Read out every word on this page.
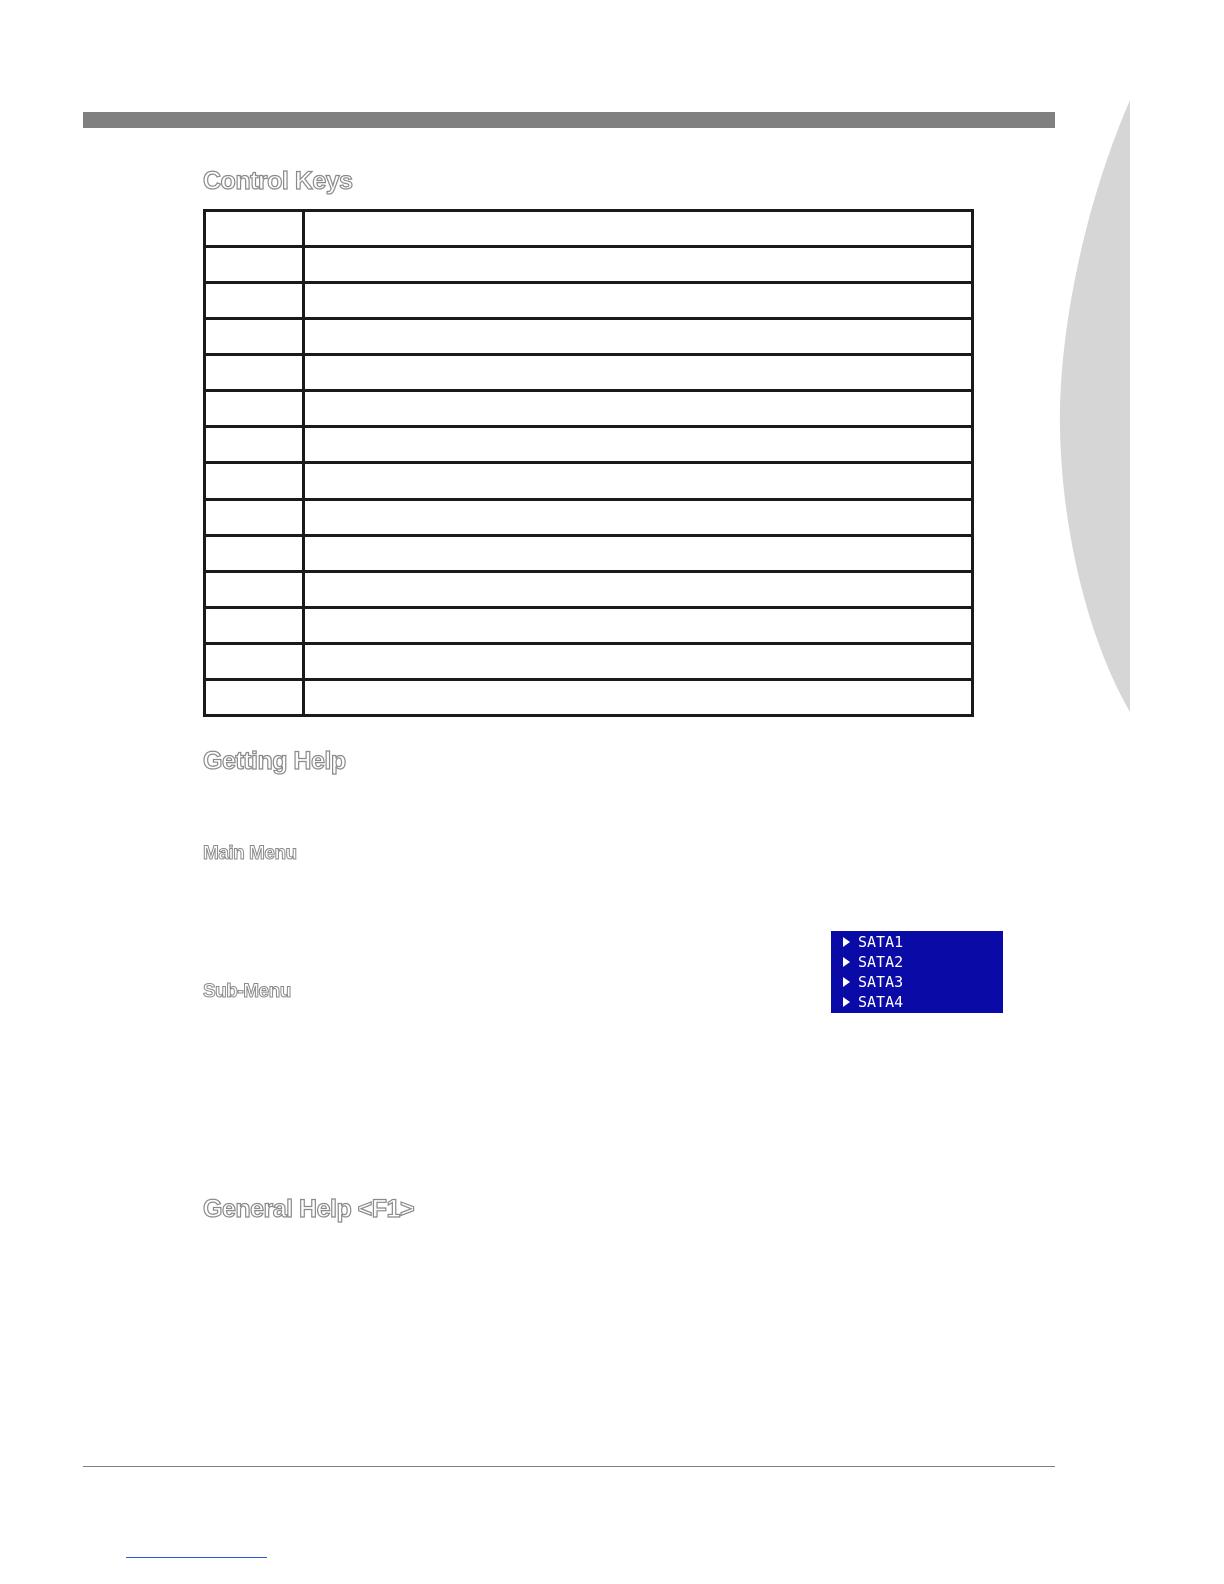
Control Keys

Getting Help
Main Menu
Sub-Menu
SATA1
SATA2
SATA3
SATA4
General Help <F1>
